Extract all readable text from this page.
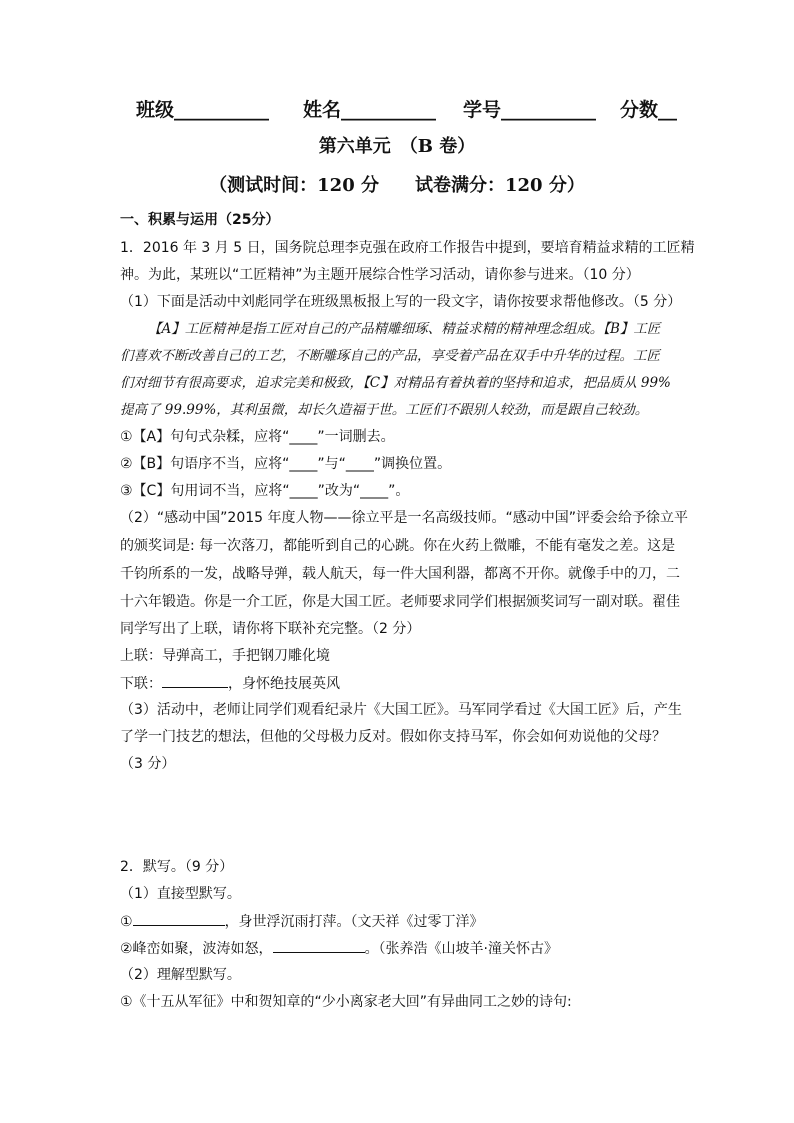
班级__________ 姓名__________ 学号__________ 分数__
第六单元　（B 卷）
（测试时间：120 分　　试卷满分：120 分）
一、积累与运用（25分）
1．2016 年 3 月 5 日，国务院总理李克强在政府工作报告中提到，要培育精益求精的工匠精
神。为此，某班以“工匠精神”为主题开展综合性学习活动，请你参与进来。（10 分）
（1）下面是活动中刘彪同学在班级黑板报上写的一段文字，请你按要求帮他修改。（5 分）
【A】工匠精神是指工匠对自己的产品精雕细琢、精益求精的精神理念组成。【B】工匠
们喜欢不断改善自己的工艺，不断雕琢自己的产品，享受着产品在双手中升华的过程。工匠
们对细节有很高要求，追求完美和极致，【C】对精品有着执着的坚持和追求，把品质从 99%
提高了 99.99%，其利虽微，却长久造福于世。工匠们不跟别人较劲，而是跟自己较劲。
①【A】句句式杂糅，应将“____”一词删去。
②【B】句语序不当，应将“____”与“____”调换位置。
③【C】句用词不当，应将“____”改为“____”。
（2）“感动中国”2015 年度人物——徐立平是一名高级技师。“感动中国”评委会给予徐立平
的颁奖词是: 每一次落刀，都能听到自己的心跳。你在火药上微雕，不能有毫发之差。这是
千钧所系的一发，战略导弹，载人航天，每一件大国利器，都离不开你。就像手中的刀，二
十六年锻造。你是一介工匠，你是大国工匠。老师要求同学们根据颁奖词写一副对联。翟佳
同学写出了上联，请你将下联补充完整。（2 分）
上联：导弹高工，手把钢刀雕化境
下联：	，身怀绝技展英风
（3）活动中，老师让同学们观看纪录片《大国工匠》。马军同学看过《大国工匠》后，产生
了学一门技艺的想法，但他的父母极力反对。假如你支持马军，你会如何劝说他的父母？
（3 分）
2．默写。（9 分）
（1）直接型默写。
①	，身世浮沉雨打萍。（文天祥《过零丁洋》
②峰峦如聚，波涛如怒，	。（张养浩《山坡羊·潼关怀古》
（2）理解型默写。
①《十五从军征》中和贺知章的“少小离家老大回”有异曲同工之妙的诗句:
